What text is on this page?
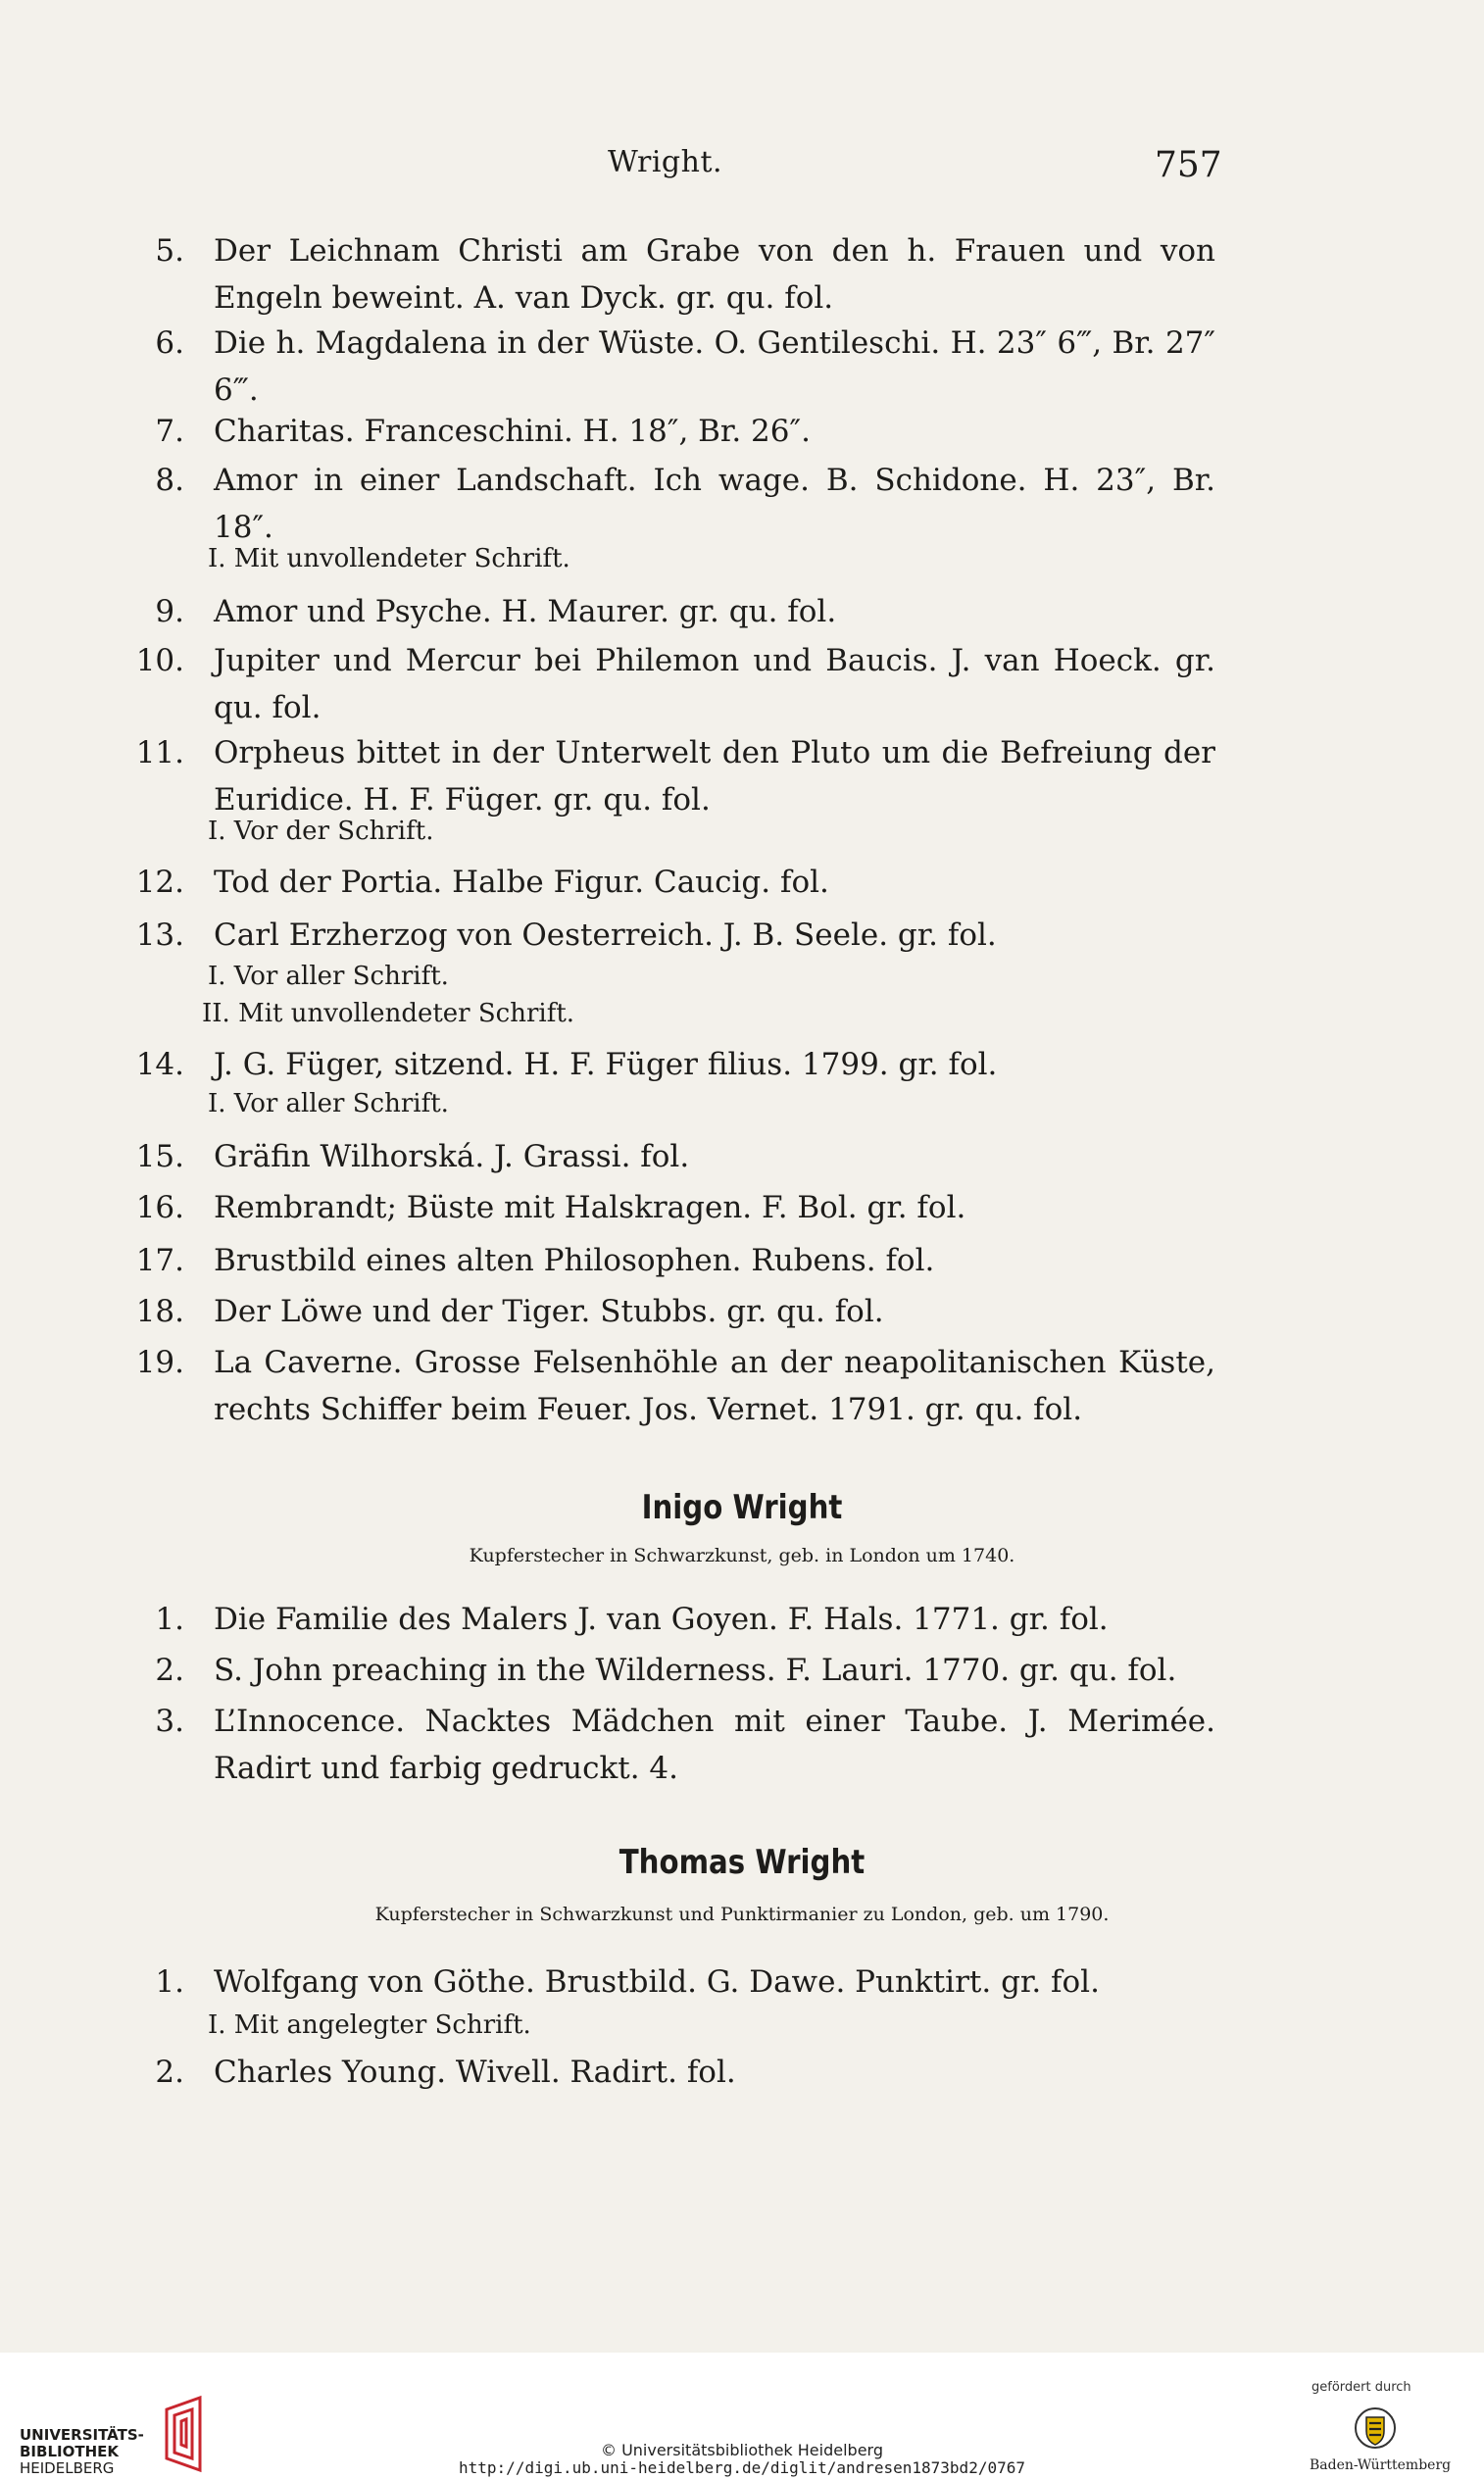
Wright.	757
5. Der Leichnam Christi am Grabe von den h. Frauen und von Engeln beweint. A. van Dyck. gr. qu. fol.
6. Die h. Magdalena in der Wüste. O. Gentileschi. H. 23″ 6‴, Br. 27″ 6‴.
7. Charitas. Franceschini. H. 18″, Br. 26″.
8. Amor in einer Landschaft. Ich wage. B. Schidone. H. 23″, Br. 18″.
I. Mit unvollendeter Schrift.
9. Amor und Psyche. H. Maurer. gr. qu. fol.
10. Jupiter und Mercur bei Philemon und Baucis. J. van Hoeck. gr. qu. fol.
11. Orpheus bittet in der Unterwelt den Pluto um die Befreiung der Euridice. H. F. Füger. gr. qu. fol.
I. Vor der Schrift.
12. Tod der Portia. Halbe Figur. Caucig. fol.
13. Carl Erzherzog von Oesterreich. J. B. Seele. gr. fol.
I. Vor aller Schrift.
II. Mit unvollendeter Schrift.
14. J. G. Füger, sitzend. H. F. Füger filius. 1799. gr. fol.
I. Vor aller Schrift.
15. Gräfin Wilhorská. J. Grassi. fol.
16. Rembrandt; Büste mit Halskragen. F. Bol. gr. fol.
17. Brustbild eines alten Philosophen. Rubens. fol.
18. Der Löwe und der Tiger. Stubbs. gr. qu. fol.
19. La Caverne. Grosse Felsenhöhle an der neapolitanischen Küste, rechts Schiffer beim Feuer. Jos. Vernet. 1791. gr. qu. fol.
Inigo Wright
Kupferstecher in Schwarzkunst, geb. in London um 1740.
1. Die Familie des Malers J. van Goyen. F. Hals. 1771. gr. fol.
2. S. John preaching in the Wilderness. F. Lauri. 1770. gr. qu. fol.
3. L’Innocence. Nacktes Mädchen mit einer Taube. J. Merimée. Radirt und farbig gedruckt. 4.
Thomas Wright
Kupferstecher in Schwarzkunst und Punktirmanier zu London, geb. um 1790.
1. Wolfgang von Göthe. Brustbild. G. Dawe. Punktirt. gr. fol.
I. Mit angelegter Schrift.
2. Charles Young. Wivell. Radirt. fol.
UNIVERSITÄTS-
BIBLIOTHEK
HEIDELBERG
© Universitätsbibliothek Heidelberg
http://digi.ub.uni-heidelberg.de/diglit/andresen1873bd2/0767
gefördert durch
Baden-Württemberg
